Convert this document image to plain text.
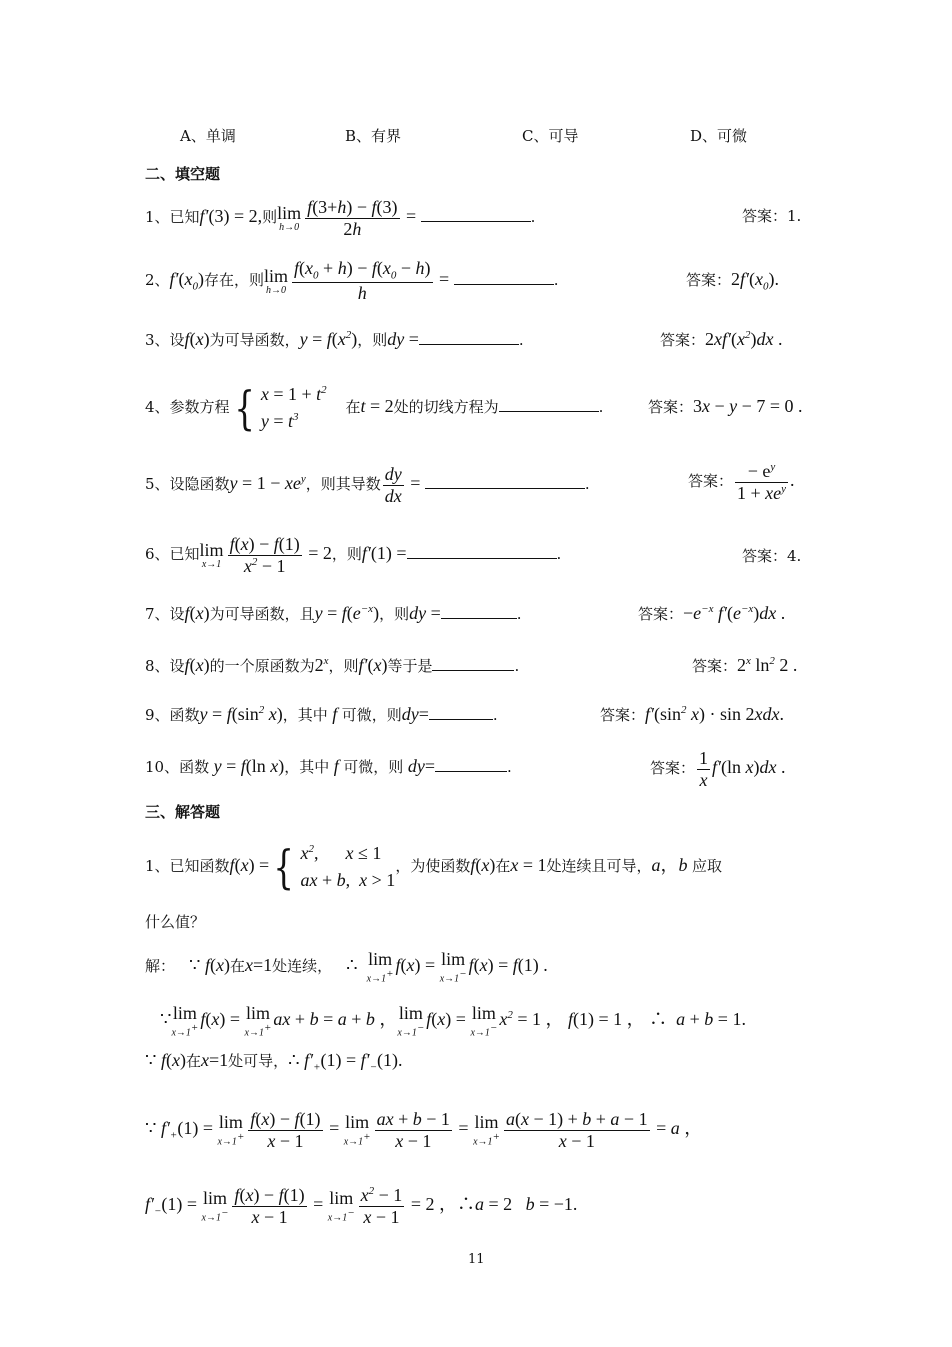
A、单调	B、有界	C、可导	D、可微
二、填空题
1、已知f′(3) = 2,则 lim
$h\to 0 \frac{f(3+h) - f(3)}{2h}$ =	.	答案：1.
2、$f'(x_0)$存在，则 lim
$h\to 0 \frac{f(x_0 + h) - f(x_0 - h)}{h}$ =	.	答案：$2f'(x_0)$.
3、设f(x)为可导函数，$y = f(x^2)$，则dy =	.	答案：$2xf'(x^2)dx$ .
4、参数方程{ $x = 1 + t^2$
$y = t^3$
在t = 2处的切线方程为	.	答案：3x − y − 7 = 0 .
5、设隐函数$y = 1 - xe^y$，则其导数 $\frac{dy}{dx}$ =	.	答案： $\frac{- e^y}{1 + xe^y}$ .
6、已知 lim
$x\to 1 \frac{f(x) - f(1)}{x^2 - 1} = 2$，则f′(1) =	.	答案：4.
7、设f(x)为可导函数，且$y = f(e^{-x})$，则dy =	.	答案：$-e^{-x}$ $f'(e^{-x})dx$ .
8、设f(x)的一个原函数为2$^x$，则f′(x)等于是	.	答案：2$^x$ $\ln^2 2$ .
9、函数$y = f(\sin^2$ x)，其中 f 可微，则dy=	.	答案：$f'(\sin^2$ x) · sin 2xdx.
10、函数 y = f(ln x)，其中 f 可微，则 dy=	.	答案： $\frac{1}{x} f'(\ln$ x)dx .
三、解答题
1、已知函数f(x) ={ $x^2$,      x ≤ 1
ax + b,  x > 1
，为使函数f(x)在x = 1处连续且可导，a，b 应取
什么值？
解： ∵ f(x)在x=1处连续， ∴ lim
x→1+ f(x) = lim
x→1− f(x) = f(1) .
∵ lim
x→1+ f(x) = lim
x→1+ ax + b = a + b ， lim
x→1− f(x) = lim
x→1− $x^2 = 1$ ， f(1) = 1 ， ∴  a + b = 1.
∵ f(x)在x=1处可导，∴ $f'_+(1) = f'_-(1)$.
∵ $f'_+(1) = \lim$
$x\to 1^+ \frac{f(x) - f(1)}{x - 1} = \lim$
$x\to 1^+ \frac{ax + b - 1}{x - 1} = \lim$
$x\to 1^+ \frac{a(x - 1) + b + a - 1}{x - 1} = a$ ，
$f'_-(1) = \lim$
$x\to 1^- \frac{f(x) - f(1)}{x - 1} = \lim$
$x\to 1^- \frac{x^2 - 1}{x - 1} = 2$ ，∴a = 2   b = −1.
11
